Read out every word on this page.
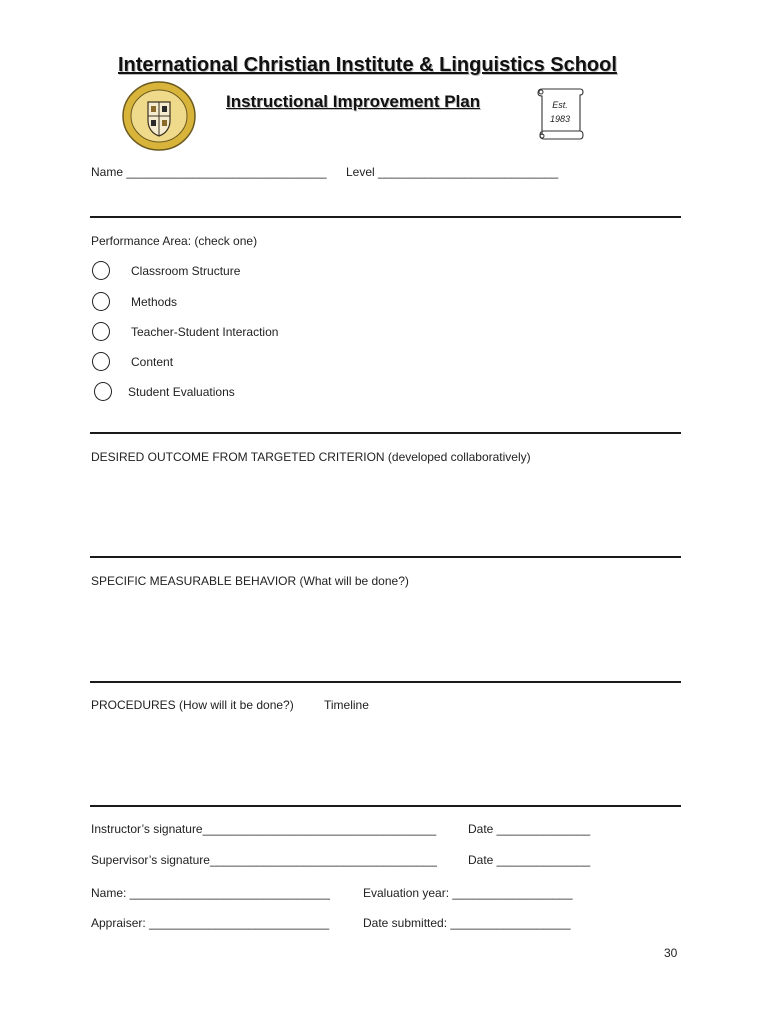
International Christian Institute & Linguistics School
Instructional Improvement Plan	Est.
1983
Name ______________________________ Level ___________________________
Performance Area: (check one)
Classroom Structure
Methods
Teacher-Student Interaction
Content
Student Evaluations
DESIRED OUTCOME FROM TARGETED CRITERION (developed collaboratively)
SPECIFIC MEASURABLE BEHAVIOR (What will be done?)
PROCEDURES (How will it be done?)	Timeline
Instructor’s signature___________________________________	Date ______________
Supervisor’s signature__________________________________	Date ______________
Name: ______________________________	Evaluation year: __________________
Appraiser: ___________________________	Date submitted: __________________
30
